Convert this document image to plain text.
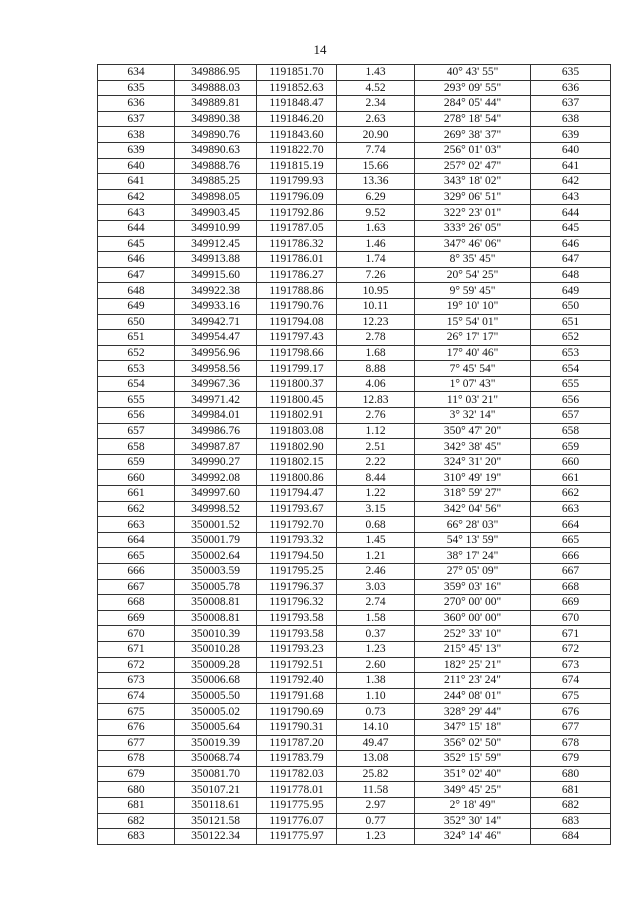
14
634	349886.95	1191851.70	1.43	40° 43' 55"	635
635	349888.03	1191852.63	4.52	293° 09' 55"	636
636	349889.81	1191848.47	2.34	284° 05' 44"	637
637	349890.38	1191846.20	2.63	278° 18' 54"	638
638	349890.76	1191843.60	20.90	269° 38' 37"	639
639	349890.63	1191822.70	7.74	256° 01' 03"	640
640	349888.76	1191815.19	15.66	257° 02' 47"	641
641	349885.25	1191799.93	13.36	343° 18' 02"	642
642	349898.05	1191796.09	6.29	329° 06' 51"	643
643	349903.45	1191792.86	9.52	322° 23' 01"	644
644	349910.99	1191787.05	1.63	333° 26' 05"	645
645	349912.45	1191786.32	1.46	347° 46' 06"	646
646	349913.88	1191786.01	1.74	8° 35' 45"	647
647	349915.60	1191786.27	7.26	20° 54' 25"	648
648	349922.38	1191788.86	10.95	9° 59' 45"	649
649	349933.16	1191790.76	10.11	19° 10' 10"	650
650	349942.71	1191794.08	12.23	15° 54' 01"	651
651	349954.47	1191797.43	2.78	26° 17' 17"	652
652	349956.96	1191798.66	1.68	17° 40' 46"	653
653	349958.56	1191799.17	8.88	7° 45' 54"	654
654	349967.36	1191800.37	4.06	1° 07' 43"	655
655	349971.42	1191800.45	12.83	11° 03' 21"	656
656	349984.01	1191802.91	2.76	3° 32' 14"	657
657	349986.76	1191803.08	1.12	350° 47' 20"	658
658	349987.87	1191802.90	2.51	342° 38' 45"	659
659	349990.27	1191802.15	2.22	324° 31' 20"	660
660	349992.08	1191800.86	8.44	310° 49' 19"	661
661	349997.60	1191794.47	1.22	318° 59' 27"	662
662	349998.52	1191793.67	3.15	342° 04' 56"	663
663	350001.52	1191792.70	0.68	66° 28' 03"	664
664	350001.79	1191793.32	1.45	54° 13' 59"	665
665	350002.64	1191794.50	1.21	38° 17' 24"	666
666	350003.59	1191795.25	2.46	27° 05' 09"	667
667	350005.78	1191796.37	3.03	359° 03' 16"	668
668	350008.81	1191796.32	2.74	270° 00' 00"	669
669	350008.81	1191793.58	1.58	360° 00' 00"	670
670	350010.39	1191793.58	0.37	252° 33' 10"	671
671	350010.28	1191793.23	1.23	215° 45' 13"	672
672	350009.28	1191792.51	2.60	182° 25' 21"	673
673	350006.68	1191792.40	1.38	211° 23' 24"	674
674	350005.50	1191791.68	1.10	244° 08' 01"	675
675	350005.02	1191790.69	0.73	328° 29' 44"	676
676	350005.64	1191790.31	14.10	347° 15' 18"	677
677	350019.39	1191787.20	49.47	356° 02' 50"	678
678	350068.74	1191783.79	13.08	352° 15' 59"	679
679	350081.70	1191782.03	25.82	351° 02' 40"	680
680	350107.21	1191778.01	11.58	349° 45' 25"	681
681	350118.61	1191775.95	2.97	2° 18' 49"	682
682	350121.58	1191776.07	0.77	352° 30' 14"	683
683	350122.34	1191775.97	1.23	324° 14' 46"	684
